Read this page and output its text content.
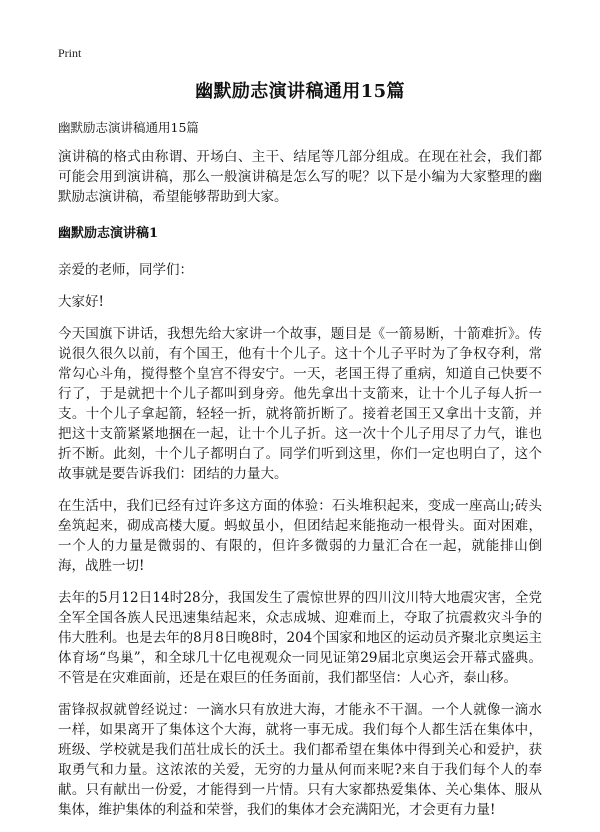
Print
幽默励志演讲稿通用15篇

幽默励志演讲稿通用15篇

演讲稿的格式由称谓、开场白、主干、结尾等几部分组成。在现在社会，我们都可能会用到演讲稿，那么一般演讲稿是怎么写的呢？以下是小编为大家整理的幽默励志演讲稿，希望能够帮助到大家。

幽默励志演讲稿1

亲爱的老师，同学们：

大家好!

今天国旗下讲话，我想先给大家讲一个故事，题目是《一箭易断，十箭难折》。传说很久很久以前，有个国王，他有十个儿子。这十个儿子平时为了争权夺利，常常勾心斗角，搅得整个皇宫不得安宁。一天，老国王得了重病，知道自己快要不行了，于是就把十个儿子都叫到身旁。他先拿出十支箭来，让十个儿子每人折一支。十个儿子拿起箭，轻轻一折，就将箭折断了。接着老国王又拿出十支箭，并把这十支箭紧紧地捆在一起，让十个儿子折。这一次十个儿子用尽了力气，谁也折不断。此刻，十个儿子都明白了。同学们听到这里，你们一定也明白了，这个故事就是要告诉我们：团结的力量大。

在生活中，我们已经有过许多这方面的体验：石头堆积起来，变成一座高山;砖头垒筑起来，砌成高楼大厦。蚂蚁虽小，但团结起来能拖动一根骨头。面对困难，一个人的力量是微弱的、有限的，但许多微弱的力量汇合在一起，就能排山倒海，战胜一切!

去年的5月12日14时28分，我国发生了震惊世界的四川汶川特大地震灾害，全党全军全国各族人民迅速集结起来，众志成城、迎难而上，夺取了抗震救灾斗争的伟大胜利。也是去年的8月8日晚8时，204个国家和地区的运动员齐聚北京奥运主体育场“鸟巢”，和全球几十亿电视观众一同见证第29届北京奥运会开幕式盛典。不管是在灾难面前，还是在艰巨的任务面前，我们都坚信：人心齐，泰山移。

雷锋叔叔就曾经说过：一滴水只有放进大海，才能永不干涸。一个人就像一滴水一样，如果离开了集体这个大海，就将一事无成。我们每个人都生活在集体中，班级、学校就是我们茁壮成长的沃土。我们都希望在集体中得到关心和爱护，获取勇气和力量。这浓浓的关爱，无穷的力量从何而来呢?来自于我们每个人的奉献。只有献出一份爱，才能得到一片情。只有大家都热爱集体、关心集体、服从集体，维护集体的利益和荣誉，我们的集体才会充满阳光，才会更有力量!
